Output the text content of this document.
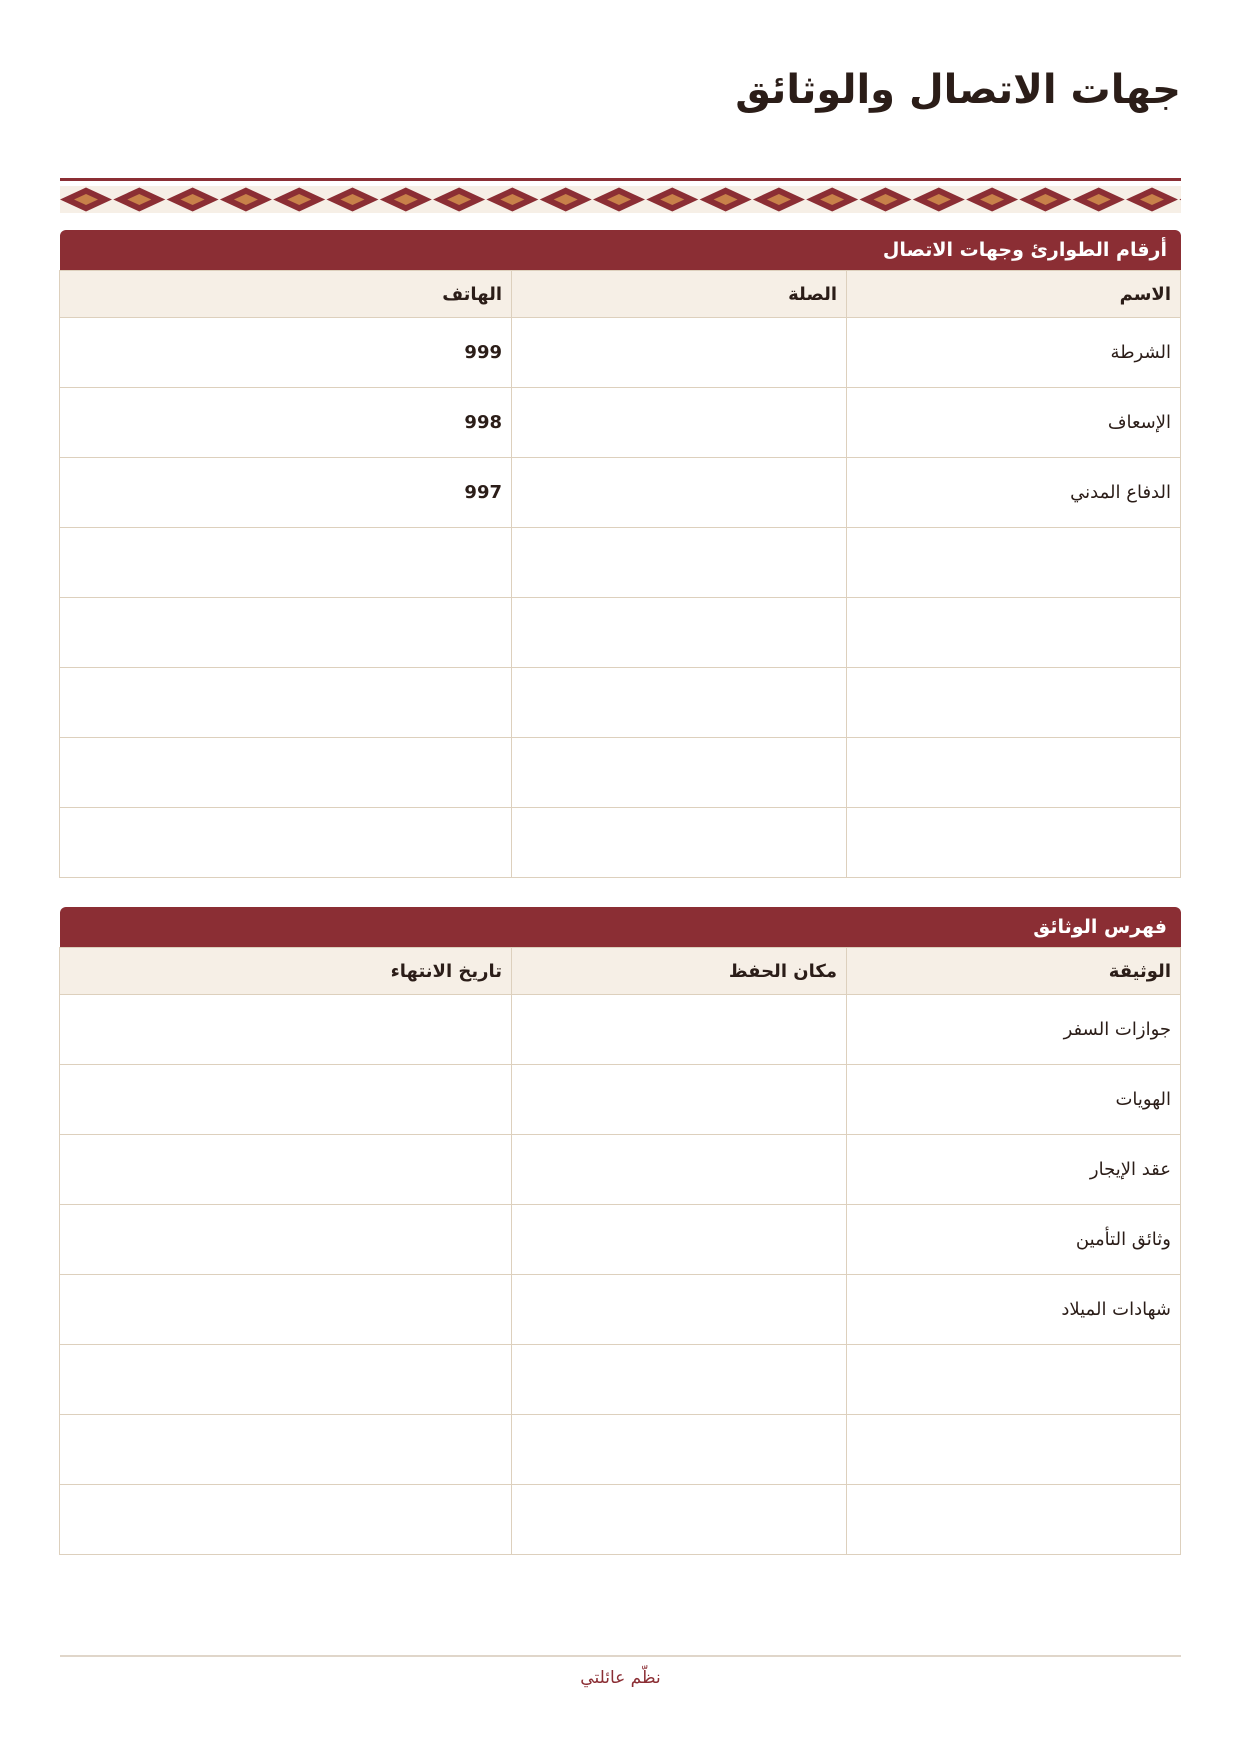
جهات الاتصال والوثائق
أرقام الطوارئ وجهات الاتصال
الاسم	الصلة	الهاتف
الشرطة		999
الإسعاف		998
الدفاع المدني		997

فهرس الوثائق
الوثيقة	مكان الحفظ	تاريخ الانتهاء
جوازات السفر		
الهويات		
عقد الإيجار		
وثائق التأمين		
شهادات الميلاد		

نظّم عائلتي
